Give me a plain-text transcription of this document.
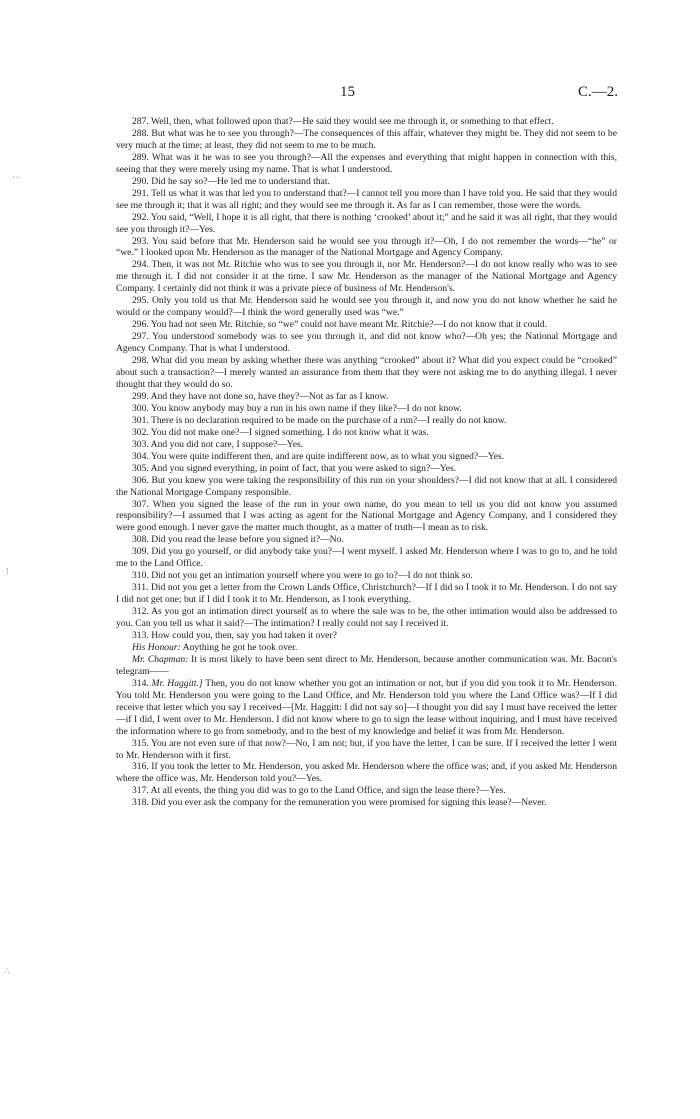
15	C.—2.
·−
⁝
∴

287. Well, then, what followed upon that?—He said they would see me through it, or something to that effect.

288. But what was he to see you through?—The consequences of this affair, whatever they might be. They did not seem to be very much at the time; at least, they did not seem to me to be much.

289. What was it he was to see you through?—All the expenses and everything that might happen in connection with this, seeing that they were merely using my name. That is what I understood.

290. Did he say so?—He led me to understand that.

291. Tell us what it was that led you to understand that?—I cannot tell you more than I have told you. He said that they would see me through it; that it was all right; and they would see me through it. As far as I can remember, those were the words.

292. You said, “Well, I hope it is all right, that there is nothing ‘crooked’ about it;” and he said it was all right, that they would see you through it?—Yes.

293. You said before that Mr. Henderson said he would see you through it?—Oh, I do not remember the words—“he” or “we.” I looked upon Mr. Henderson as the manager of the National Mortgage and Agency Company.

294. Then, it was not Mr. Ritchie who was to see you through it, nor Mr. Henderson?—I do not know really who was to see me through it. I did not consider it at the time. I saw Mr. Henderson as the manager of the National Mortgage and Agency Company. I certainly did not think it was a private piece of business of Mr. Henderson's.

295. Only you told us that Mr. Henderson said he would see you through it, and now you do not know whether he said he would or the company would?—I think the word generally used was “we.”

296. You had not seen Mr. Ritchie, so “we” could not have meant Mr. Ritchie?—I do not know that it could.

297. You understood somebody was to see you through it, and did not know who?—Oh yes; the National Mortgage and Agency Company. That is what I understood.

298. What did you mean by asking whether there was anything “crooked” about it? What did you expect could be “crooked” about such a transaction?—I merely wanted an assurance from them that they were not asking me to do anything illegal. I never thought that they would do so.

299. And they have not done so, have they?—Not as far as I know.

300. You know anybody may buy a run in his own name if they like?—I do not know.

301. There is no declaration required to be made on the purchase of a run?—I really do not know.

302. You did not make one?—I signed something. I do not know what it was.

303. And you did not care, I suppose?—Yes.

304. You were quite indifferent then, and are quite indifferent now, as to what you signed?—Yes.

305. And you signed everything, in point of fact, that you were asked to sign?—Yes.

306. But you knew you were taking the responsibility of this run on your shoulders?—I did not know that at all. I considered the National Mortgage Company responsible.

307. When you signed the lease of the run in your own name, do you mean to tell us you did not know you assumed responsibility?—I assumed that I was acting as agent for the National Mortgage and Agency Company, and I considered they were good enough. I never gave the matter much thought, as a matter of truth—I mean as to risk.

308. Did you read the lease before you signed it?—No.

309. Did you go yourself, or did anybody take you?—I went myself. I asked Mr. Henderson where I was to go to, and he told me to the Land Office.

310. Did not you get an intimation yourself where you were to go to?—I do not think so.

311. Did not you get a letter from the Crown Lands Office, Christchurch?—If I did so I took it to Mr. Henderson. I do not say I did not get one; but if I did I took it to Mr. Henderson, as I took everything.

312. As you got an intimation direct yourself as to where the sale was to be, the other intimation would also be addressed to you. Can you tell us what it said?—The intimation? I really could not say I received it.

313. How could you, then, say you had taken it over?

His Honour: Anything he got he took over.

Mr. Chapman: It is most likely to have been sent direct to Mr. Henderson, because another communication was. Mr. Bacon's telegram——

314. Mr. Haggitt.] Then, you do not know whether you got an intimation or not, but if you did you took it to Mr. Henderson. You told Mr. Henderson you were going to the Land Office, and Mr. Henderson told you where the Land Office was?—If I did receive that letter which you say I received—[Mr. Haggitt: I did not say so]—I thought you did say I must have received the letter—if I did, I went over to Mr. Henderson. I did not know where to go to sign the lease without inquiring, and I must have received the information where to go from somebody, and to the best of my knowledge and belief it was from Mr. Henderson.

315. You are not even sure of that now?—No, I am not; but, if you have the letter, I can be sure. If I received the letter I went to Mr. Henderson with it first.

316. If you took the letter to Mr. Henderson, you asked Mr. Henderson where the office was; and, if you asked Mr. Henderson where the office was, Mr. Henderson told you?—Yes.

317. At all events, the thing you did was to go to the Land Office, and sign the lease there?—Yes.

318. Did you ever ask the company for the remuneration you were promised for signing this lease?—Never.
